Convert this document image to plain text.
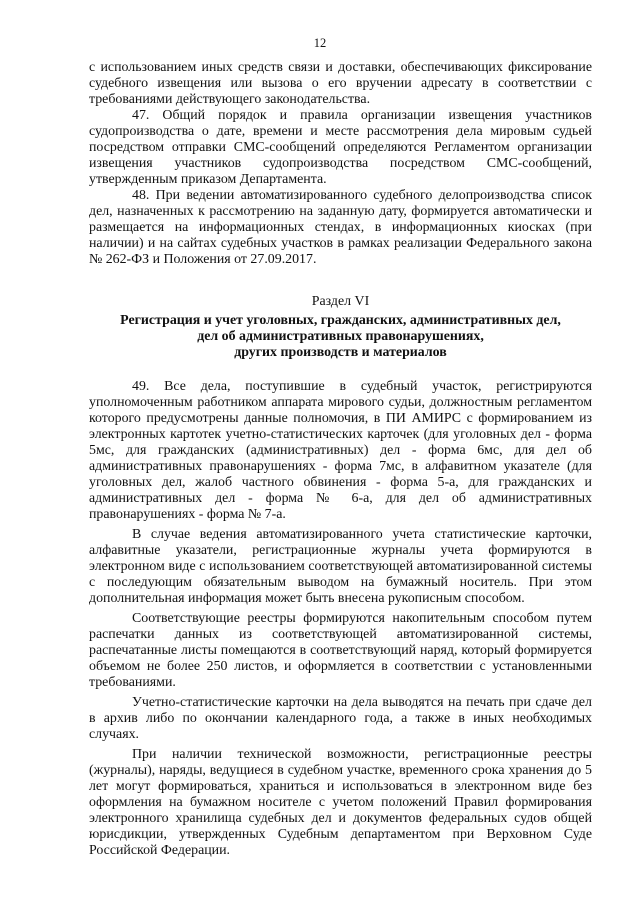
12

с использованием иных средств связи и доставки, обеспечивающих фиксирование судебного извещения или вызова о его вручении адресату в соответствии с требованиями действующего законодательства.

47. Общий порядок и правила организации извещения участников судопроизводства о дате, времени и месте рассмотрения дела мировым судьей посредством отправки СМС-сообщений определяются Регламентом организации извещения участников судопроизводства посредством СМС-сообщений, утвержденным приказом Департамента.

48. При ведении автоматизированного судебного делопроизводства список дел, назначенных к рассмотрению на заданную дату, формируется автоматически и размещается на информационных стендах, в информационных киосках (при наличии) и на сайтах судебных участков в рамках реализации Федерального закона № 262-ФЗ и Положения от 27.09.2017.

Раздел VI
Регистрация и учет уголовных, гражданских, административных дел,
дел об административных правонарушениях,
других производств и материалов

49. Все дела, поступившие в судебный участок, регистрируются уполномоченным работником аппарата мирового судьи, должностным регламентом которого предусмотрены данные полномочия, в ПИ АМИРС с формированием из электронных картотек учетно-статистических карточек (для уголовных дел - форма 5мс, для гражданских (административных) дел - форма 6мс, для дел об административных правонарушениях - форма 7мс, в алфавитном указателе (для уголовных дел, жалоб частного обвинения - форма 5-а, для гражданских и административных дел - форма № 6-а, для дел об административных правонарушениях - форма № 7-а.

В случае ведения автоматизированного учета статистические карточки, алфавитные указатели, регистрационные журналы учета формируются в электронном виде с использованием соответствующей автоматизированной системы с последующим обязательным выводом на бумажный носитель. При этом дополнительная информация может быть внесена рукописным способом.

Соответствующие реестры формируются накопительным способом путем распечатки данных из соответствующей автоматизированной системы, распечатанные листы помещаются в соответствующий наряд, который формируется объемом не более 250 листов, и оформляется в соответствии с установленными требованиями.

Учетно-статистические карточки на дела выводятся на печать при сдаче дел в архив либо по окончании календарного года, а также в иных необходимых случаях.

При наличии технической возможности, регистрационные реестры (журналы), наряды, ведущиеся в судебном участке, временного срока хранения до 5 лет могут формироваться, храниться и использоваться в электронном виде без оформления на бумажном носителе с учетом положений Правил формирования электронного хранилища судебных дел и документов федеральных судов общей юрисдикции, утвержденных Судебным департаментом при Верховном Суде Российской Федерации.
